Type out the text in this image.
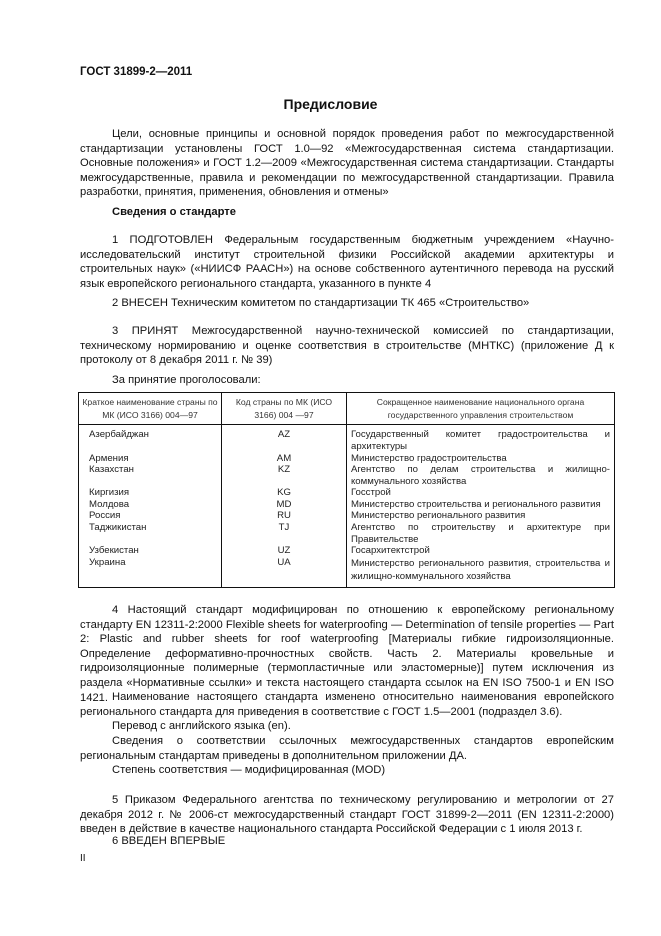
ГОСТ 31899-2—2011
Предисловие
Цели, основные принципы и основной порядок проведения работ по межгосударственной стандартизации установлены ГОСТ 1.0—92 «Межгосударственная система стандартизации. Основные положения» и ГОСТ 1.2—2009 «Межгосударственная система стандартизации. Стандарты межгосударственные, правила и рекомендации по межгосударственной стандартизации. Правила разработки, принятия, применения, обновления и отмены»
Сведения о стандарте
1 ПОДГОТОВЛЕН Федеральным государственным бюджетным учреждением «Научно-исследовательский институт строительной физики Российской академии архитектуры и строительных наук» («НИИСФ РААСН») на основе собственного аутентичного перевода на русский язык европейского регионального стандарта, указанного в пункте 4
2 ВНЕСЕН Техническим комитетом по стандартизации ТК 465 «Строительство»
3 ПРИНЯТ Межгосударственной научно-технической комиссией по стандартизации, техническому нормированию и оценке соответствия в строительстве (МНТКС) (приложение Д к протоколу от 8 декабря 2011 г. № 39)
За принятие проголосовали:
Краткое наименование страны по МК (ИСО 3166) 004—97	Код страны по МК (ИСО 3166) 004 —97	Сокращенное наименование национального органа государственного управления строительством
Азербайджан	AZ	Государственный комитет градостроительства и архитектуры
Армения	AM	Министерство градостроительства
Казахстан	KZ	Агентство по делам строительства и жилищно-коммунального хозяйства
Киргизия	KG	Госстрой
Молдова	MD	Министерство строительства и регионального развития
Россия	RU	Министерство регионального развития
Таджикистан	TJ	Агентство по строительству и архитектуре при Правительстве
Узбекистан	UZ	Госархитектстрой
Украина	UA	Министерство регионального развития, строительства и жилищно-коммунального хозяйства
4 Настоящий стандарт модифицирован по отношению к европейскому региональному стандарту EN 12311-2:2000 Flexible sheets for waterproofing — Determination of tensile properties — Part 2: Plastic and rubber sheets for roof waterproofing [Материалы гибкие гидроизоляционные. Определение деформативно-прочностных свойств. Часть 2. Материалы кровельные и гидроизоляционные полимерные (термопластичные или эластомерные)] путем исключения из раздела «Нормативные ссылки» и текста настоящего стандарта ссылок на EN ISO 7500-1 и EN ISO 1421. Наименование настоящего стандарта изменено относительно наименования европейского регионального стандарта для приведения в соответствие с ГОСТ 1.5—2001 (подраздел 3.6).
Перевод с английского языка (en).
Сведения о соответствии ссылочных межгосударственных стандартов европейским региональным стандартам приведены в дополнительном приложении ДА.
Степень соответствия — модифицированная (MOD)
5 Приказом Федерального агентства по техническому регулированию и метрологии от 27 декабря 2012 г. № 2006-ст межгосударственный стандарт ГОСТ 31899-2—2011 (EN 12311-2:2000) введен в действие в качестве национального стандарта Российской Федерации с 1 июля 2013 г.
6 ВВЕДЕН ВПЕРВЫЕ
II
